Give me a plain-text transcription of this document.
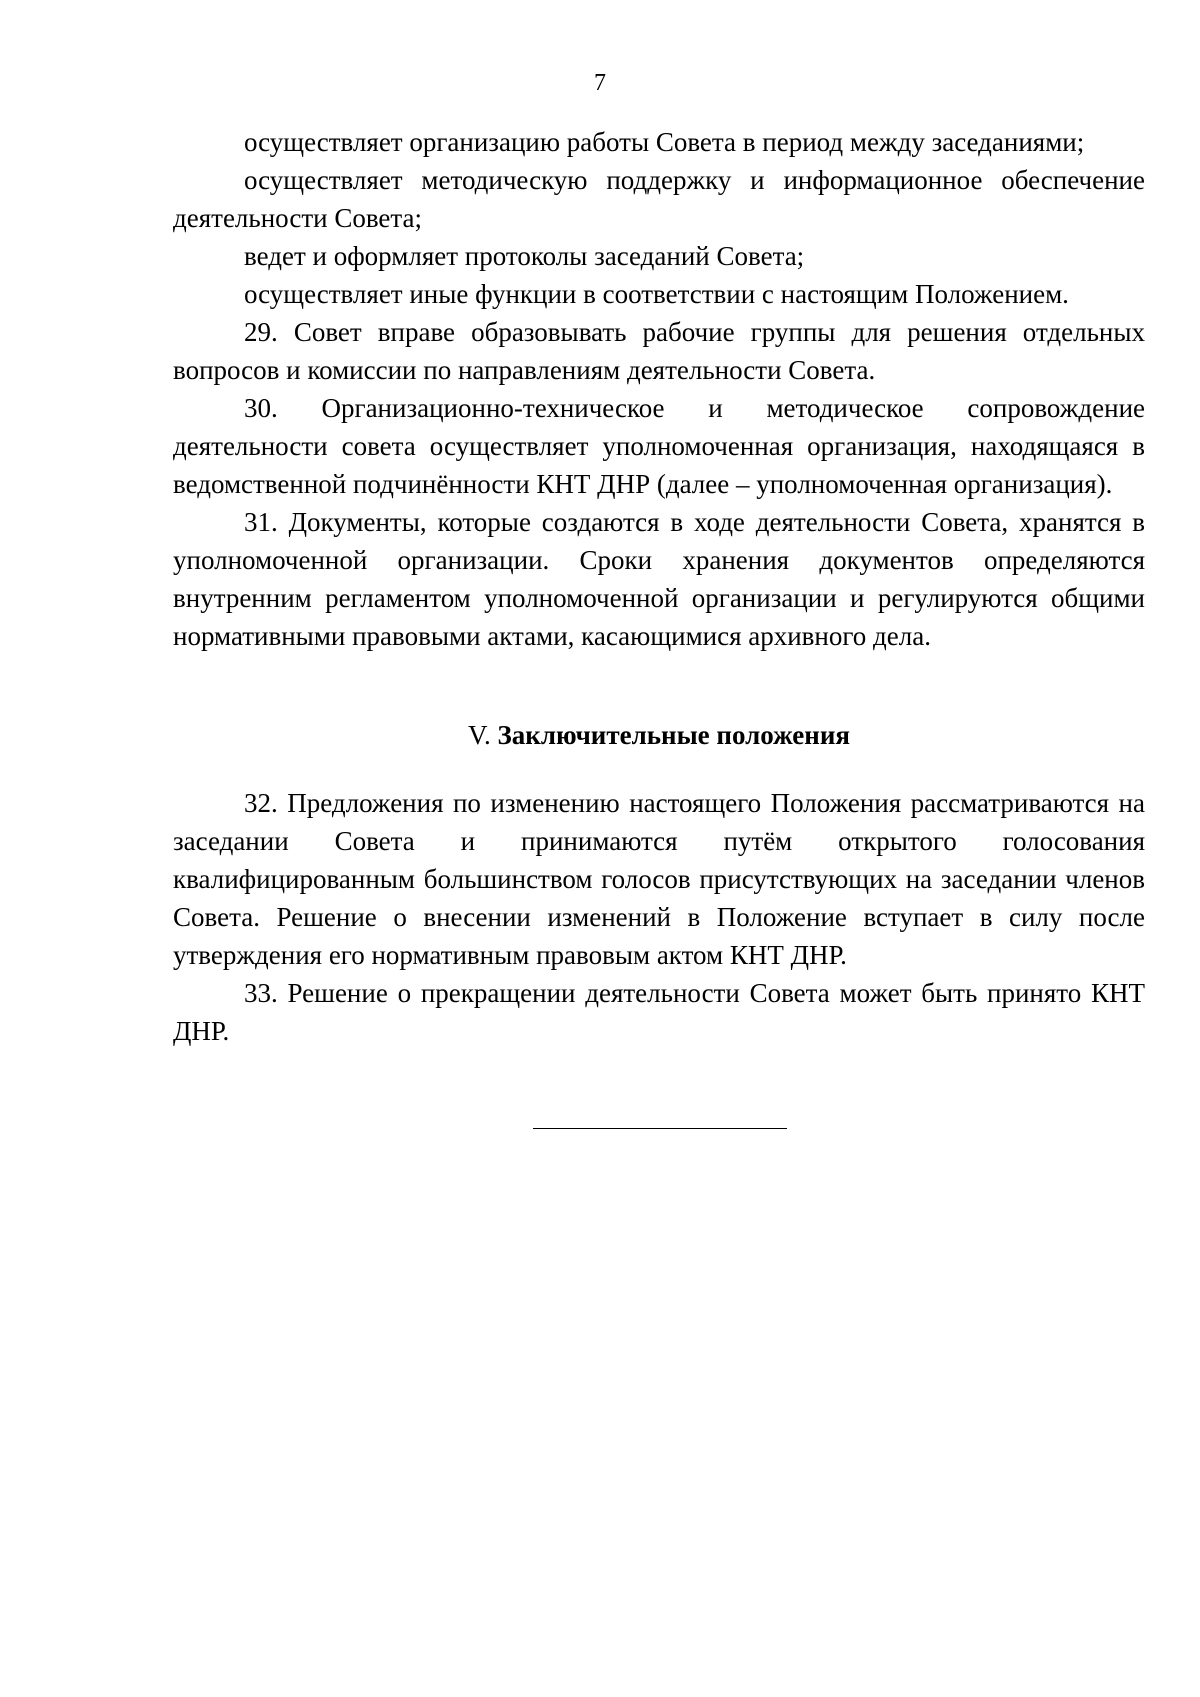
7

осуществляет организацию работы Совета в период между заседаниями;

осуществляет методическую поддержку и информационное обеспечение деятельности Совета;

ведет и оформляет протоколы заседаний Совета;

осуществляет иные функции в соответствии с настоящим Положением.

29. Совет вправе образовывать рабочие группы для решения отдельных вопросов и комиссии по направлениям деятельности Совета.

30. Организационно-техническое и методическое сопровождение деятельности совета осуществляет уполномоченная организация, находящаяся в ведомственной подчинённости КНТ ДНР (далее – уполномоченная организация).

31. Документы, которые создаются в ходе деятельности Совета, хранятся в уполномоченной организации. Сроки хранения документов определяются внутренним регламентом уполномоченной организации и регулируются общими нормативными правовыми актами, касающимися архивного дела.

V. Заключительные положения

32. Предложения по изменению настоящего Положения рассматриваются на заседании Совета и принимаются путём открытого голосования квалифицированным большинством голосов присутствующих на заседании членов Совета. Решение о внесении изменений в Положение вступает в силу после утверждения его нормативным правовым актом КНТ ДНР.

33. Решение о прекращении деятельности Совета может быть принято КНТ ДНР.
